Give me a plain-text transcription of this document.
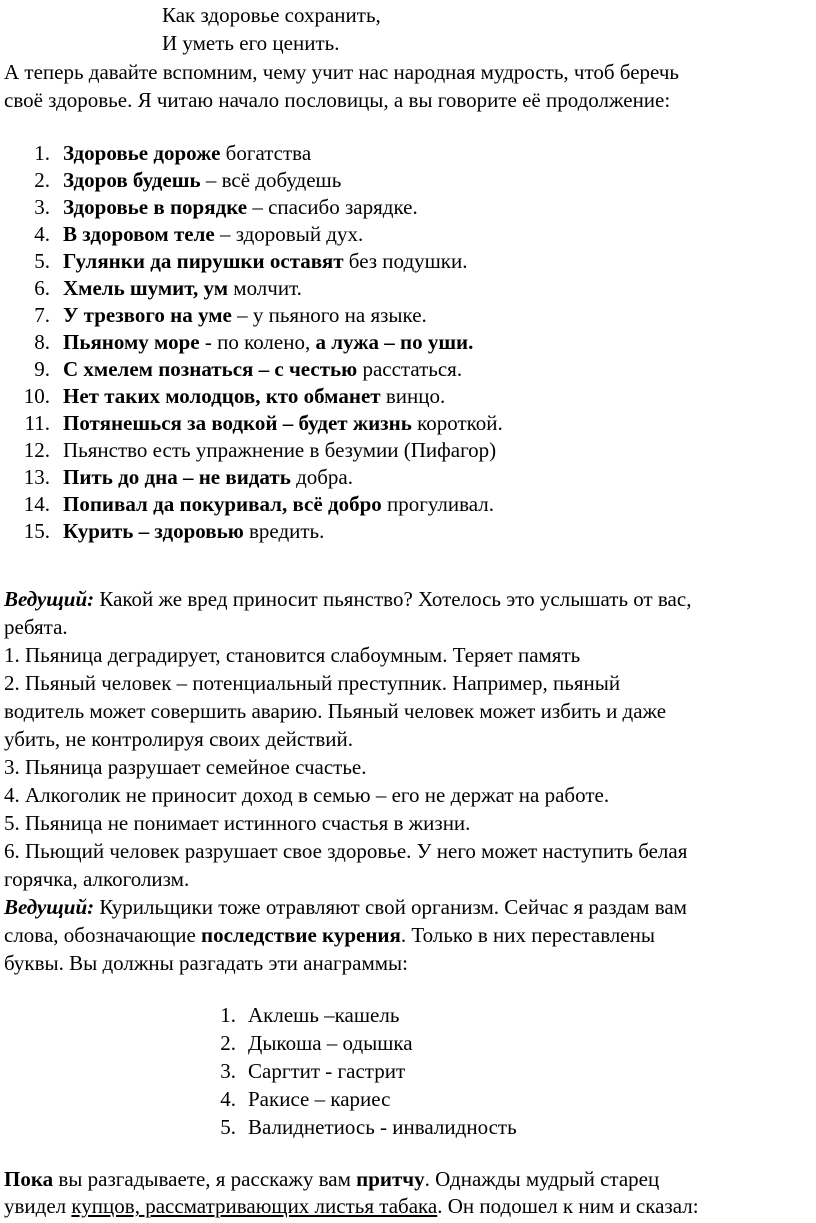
Как здоровье сохранить,
И уметь его ценить.
А теперь давайте вспомним, чему учит нас народная мудрость, чтоб беречь
своё здоровье. Я читаю начало пословицы, а вы говорите её продолжение:
1. Здоровье дороже богатства
2. Здоров будешь – всё добудешь
3. Здоровье в порядке – спасибо зарядке.
4. В здоровом теле – здоровый дух.
5. Гулянки да пирушки оставят без подушки.
6. Хмель шумит, ум молчит.
7. У трезвого на уме – у пьяного на языке.
8. Пьяному море - по колено, а лужа – по уши.
9. С хмелем познаться – с честью расстаться.
10. Нет таких молодцов, кто обманет винцо.
11. Потянешься за водкой – будет жизнь короткой.
12. Пьянство есть упражнение в безумии (Пифагор)
13. Пить до дна – не видать добра.
14. Попивал да покуривал, всё добро прогуливал.
15. Курить – здоровью вредить.
Ведущий: Какой же вред приносит пьянство? Хотелось это услышать от вас,
ребята.
1. Пьяница деградирует, становится слабоумным. Теряет память
2. Пьяный человек – потенциальный преступник. Например, пьяный
водитель может совершить аварию. Пьяный человек может избить и даже
убить, не контролируя своих действий.
3. Пьяница разрушает семейное счастье.
4. Алкоголик не приносит доход в семью – его не держат на работе.
5. Пьяница не понимает истинного счастья в жизни.
6. Пьющий человек разрушает свое здоровье. У него может наступить белая
горячка, алкоголизм.
Ведущий: Курильщики тоже отравляют свой организм. Сейчас я раздам вам
слова, обозначающие последствие курения. Только в них переставлены
буквы. Вы должны разгадать эти анаграммы:
1. Аклешь –кашель
2. Дыкоша – одышка
3. Саргтит - гастрит
4. Ракисе – кариес
5. Валиднетиось - инвалидность
Пока вы разгадываете, я расскажу вам притчу. Однажды мудрый старец
увидел купцов, рассматривающих листья табака. Он подошел к ним и сказал:
